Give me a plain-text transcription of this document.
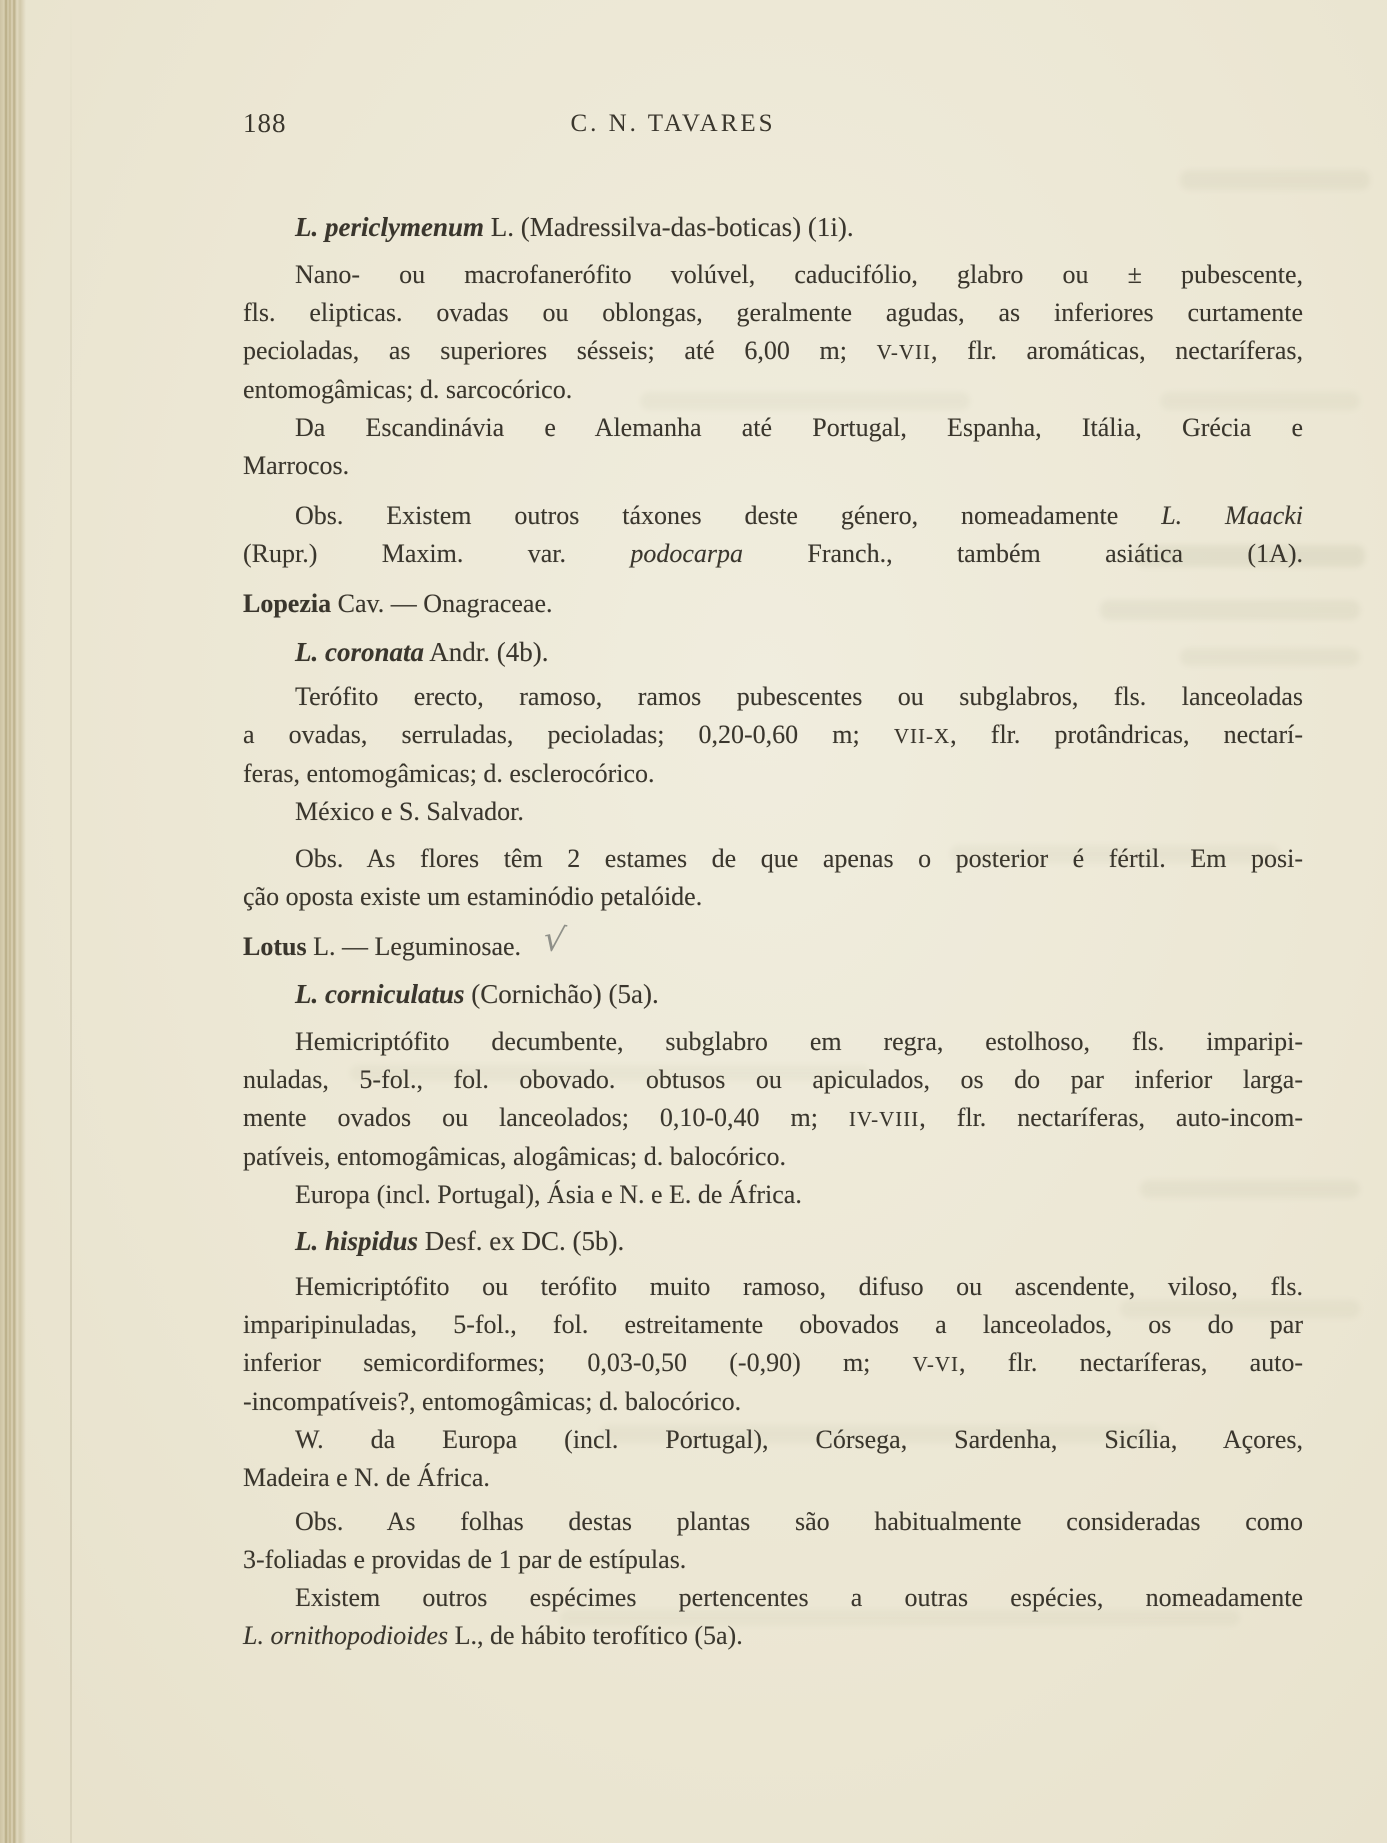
188	C. N. TAVARES
L. periclymenum L. (Madressilva-das-boticas) (1i).
Nano- ou macrofanerófito volúvel, caducifólio, glabro ou ± pubescente,
fls. elipticas. ovadas ou oblongas, geralmente agudas, as inferiores curtamente
pecioladas, as superiores sésseis; até 6,00 m; V-VII, flr. aromáticas, nectaríferas,
entomogâmicas; d. sarcocórico.
Da Escandinávia e Alemanha até Portugal, Espanha, Itália, Grécia e
Marrocos.
Obs. Existem outros táxones deste género, nomeadamente L. Maacki
(Rupr.) Maxim. var. podocarpa Franch., também asiática (1A).
Lopezia Cav. — Onagraceae.
L. coronata Andr. (4b).
Terófito erecto, ramoso, ramos pubescentes ou subglabros, fls. lanceoladas
a ovadas, serruladas, pecioladas; 0,20-0,60 m; VII-X, flr. protândricas, nectarí-
feras, entomogâmicas; d. esclerocórico.
México e S. Salvador.
Obs. As flores têm 2 estames de que apenas o posterior é fértil. Em posi-
ção oposta existe um estaminódio petalóide.
Lotus L. — Leguminosae. √
L. corniculatus (Cornichão) (5a).
Hemicriptófito decumbente, subglabro em regra, estolhoso, fls. imparipi-
nuladas, 5-fol., fol. obovado. obtusos ou apiculados, os do par inferior larga-
mente ovados ou lanceolados; 0,10-0,40 m; IV-VIII, flr. nectaríferas, auto-incom-
patíveis, entomogâmicas, alogâmicas; d. balocórico.
Europa (incl. Portugal), Ásia e N. e E. de África.
L. hispidus Desf. ex DC. (5b).
Hemicriptófito ou terófito muito ramoso, difuso ou ascendente, viloso, fls.
imparipinuladas, 5-fol., fol. estreitamente obovados a lanceolados, os do par
inferior semicordiformes; 0,03-0,50 (-0,90) m; V-VI, flr. nectaríferas, auto-
-incompatíveis?, entomogâmicas; d. balocórico.
W. da Europa (incl. Portugal), Córsega, Sardenha, Sicília, Açores,
Madeira e N. de África.
Obs. As folhas destas plantas são habitualmente consideradas como
3-foliadas e providas de 1 par de estípulas.
Existem outros espécimes pertencentes a outras espécies, nomeadamente
L. ornithopodioides L., de hábito terofítico (5a).
